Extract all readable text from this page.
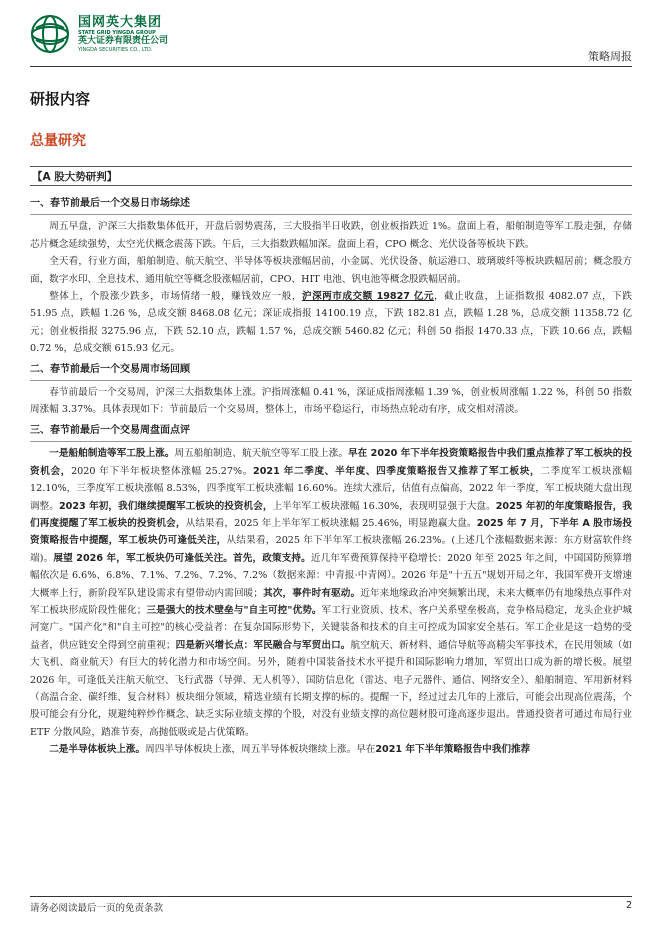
国网英大集团
STATE GRID YINGDA GROUP
英大证券有限责任公司
YINGDA SECURITIES CO., LTD.	策略周报
研报内容
总量研究
【A 股大势研判】
一、春节前最后一个交易日市场综述

周五早盘，沪深三大指数集体低开，开盘后弱势震荡，三大股指半日收跌，创业板指跌近 1%。盘面上看，船舶制造等军工股走强，存储芯片概念延续强势，太空光伏概念震荡下跌。午后，三大指数跌幅加深。盘面上看，CPO 概念、光伏设备等板块下跌。

全天看，行业方面，船舶制造、航天航空、半导体等板块涨幅居前，小金属、光伏设备、航运港口、玻璃玻纤等板块跌幅居前；概念股方面，数字水印、全息技术、通用航空等概念股涨幅居前，CPO、HIT 电池、钒电池等概念股跌幅居前。

整体上，个股涨少跌多，市场情绪一般，赚钱效应一般，沪深两市成交额 19827 亿元，截止收盘，上证指数报 4082.07 点，下跌 51.95 点，跌幅 1.26 %，总成交额 8468.08 亿元；深证成指报 14100.19 点，下跌 182.81 点，跌幅 1.28 %，总成交额 11358.72 亿元；创业板指报 3275.96 点，下跌 52.10 点，跌幅 1.57 %，总成交额 5460.82 亿元；科创 50 指报 1470.33 点，下跌 10.66 点，跌幅 0.72 %，总成交额 615.93 亿元。

二、春节前最后一个交易周市场回顾

春节前最后一个交易周，沪深三大指数集体上涨。沪指周涨幅 0.41 %，深证成指周涨幅 1.39 %，创业板周涨幅 1.22 %，科创 50 指数周涨幅 3.37%。具体表现如下：节前最后一个交易周，整体上，市场平稳运行，市场热点轮动有序，成交相对清淡。

三、春节前最后一个交易周盘面点评

一是船舶制造等军工股上涨。周五船舶制造、航天航空等军工股上涨。早在 2020 年下半年投资策略报告中我们重点推荐了军工板块的投资机会，2020 年下半年板块整体涨幅 25.27%。2021 年二季度、半年度、四季度策略报告又推荐了军工板块，二季度军工板块涨幅 12.10%，三季度军工板块涨幅 8.53%，四季度军工板块涨幅 16.60%。连续大涨后，估值有点偏高，2022 年一季度，军工板块随大盘出现调整。2023 年初，我们继续提醒军工板块的投资机会，上半年军工板块涨幅 16.30%，表现明显强于大盘。2025 年初的年度策略报告，我们再度提醒了军工板块的投资机会，从结果看，2025 年上半年军工板块涨幅 25.46%，明显跑赢大盘。2025 年 7 月，下半年 A 股市场投资策略报告中提醒，军工板块仍可逢低关注，从结果看，2025 年下半年军工板块涨幅 26.23%。(上述几个涨幅数据来源：东方财富软件终端)。展望 2026 年，军工板块仍可逢低关注。首先，政策支持。近几年军费预算保持平稳增长：2020 年至 2025 年之间，中国国防预算增幅依次是 6.6%、6.8%、7.1%、7.2%、7.2%、7.2%（数据来源：中青报·中青网）。2026 年是"十五五"规划开局之年，我国军费开支增速大概率上行，新阶段军队建设需求有望带动内需回暖；其次，事件时有驱动。近年来地缘政治冲突频繁出现，未来大概率仍有地缘热点事件对军工板块形成阶段性催化；三是强大的技术壁垒与"自主可控"优势。军工行业资质、技术、客户关系壁垒极高，竞争格局稳定，龙头企业护城河宽广。"国产化"和"自主可控"的核心受益者：在复杂国际形势下，关键装备和技术的自主可控成为国家安全基石。军工企业是这一趋势的受益者，供应链安全得到空前重视；四是新兴增长点：军民融合与军贸出口。航空航天、新材料、通信导航等高精尖军事技术，在民用领域（如大飞机、商业航天）有巨大的转化潜力和市场空间。另外，随着中国装备技术水平提升和国际影响力增加，军贸出口成为新的增长极。展望 2026 年，可逢低关注航天航空、飞行武器（导弹、无人机等）、国防信息化（雷达、电子元器件、通信、网络安全）、船舶制造、军用新材料（高温合金、碳纤维、复合材料）板块细分领域，精选业绩有长期支撑的标的。提醒一下，经过过去几年的上涨后，可能会出现高位震荡，个股可能会有分化，规避纯粹炒作概念、缺乏实际业绩支撑的个股，对没有业绩支撑的高位题材股可逢高逐步退出。普通投资者可通过布局行业 ETF 分散风险，踏准节奏，高抛低吸或是占优策略。

二是半导体板块上涨。周四半导体板块上涨，周五半导体板块继续上涨。早在2021 年下半年策略报告中我们推荐

请务必阅读最后一页的免责条款	2
